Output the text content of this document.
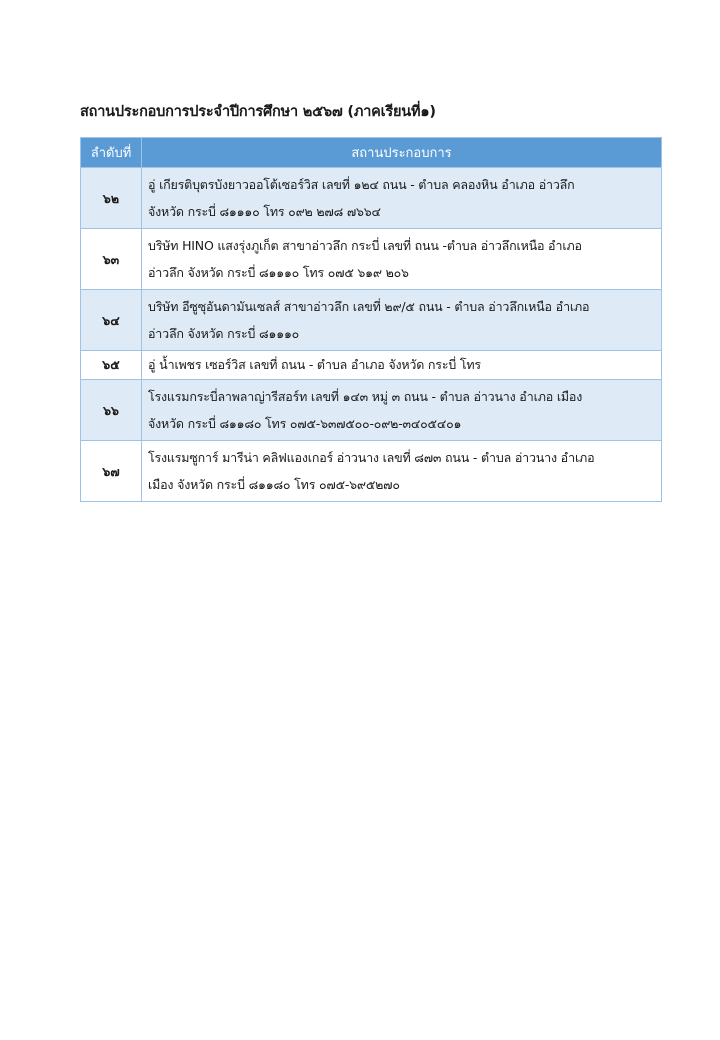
สถานประกอบการประจำปีการศึกษา ๒๕๖๗ (ภาคเรียนที่๑)
ลำดับที่	สถานประกอบการ
๖๒	อู่ เกียรติบุตรบังยาวออโต้เซอร์วิส เลขที่ ๑๒๔ ถนน - ตำบล คลองหิน อำเภอ อ่าวลึก
จังหวัด กระบี่ ๘๑๑๑๐ โทร ๐๙๒ ๒๗๘ ๗๖๖๔
๖๓	บริษัท HINO แสงรุ่งภูเก็ต สาขาอ่าวลึก กระบี่ เลขที่ ถนน -ตำบล อ่าวลึกเหนือ อำเภอ
อ่าวลึก จังหวัด กระบี่ ๘๑๑๑๐ โทร ๐๗๕ ๖๑๙ ๒๐๖
๖๔	บริษัท อีซูซุอันดามันเซลส์ สาขาอ่าวลึก เลขที่ ๒๙/๕ ถนน - ตำบล อ่าวลึกเหนือ อำเภอ
อ่าวลึก จังหวัด กระบี่ ๘๑๑๑๐
๖๕	อู่ น้ำเพชร เซอร์วิส เลขที่ ถนน - ตำบล อำเภอ จังหวัด กระบี่ โทร
๖๖	โรงแรมกระบี่ลาพลาญ่ารีสอร์ท เลขที่ ๑๔๓ หมู่ ๓ ถนน - ตำบล อ่าวนาง อำเภอ เมือง
จังหวัด กระบี่ ๘๑๑๘๐ โทร ๐๗๕-๖๓๗๕๐๐-๐๙๒-๓๔๐๕๔๐๑
๖๗	โรงแรมซูการ์ มารีน่า คลิฟแองเกอร์ อ่าวนาง เลขที่ ๘๗๓ ถนน - ตำบล อ่าวนาง อำเภอ
เมือง จังหวัด กระบี่ ๘๑๑๘๐ โทร ๐๗๕-๖๙๕๒๗๐
